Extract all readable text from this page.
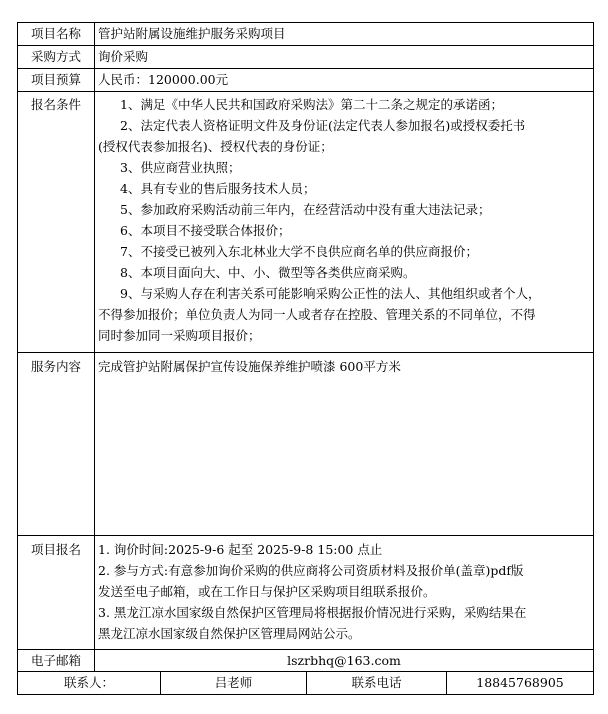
项目名称	管护站附属设施维护服务采购项目
采购方式	询价采购
项目预算	人民币：120000.00元
报名条件	1、满足《中华人民共和国政府采购法》第二十二条之规定的承诺函；

2、法定代表人资格证明文件及身份证(法定代表人参加报名)或授权委托书

(授权代表参加报名)、授权代表的身份证；

3、供应商营业执照；

4、具有专业的售后服务技术人员；

5、参加政府采购活动前三年内，在经营活动中没有重大违法记录；

6、本项目不接受联合体报价；

7、不接受已被列入东北林业大学不良供应商名单的供应商报价；

8、本项目面向大、中、小、微型等各类供应商采购。

9、与采购人存在利害关系可能影响采购公正性的法人、其他组织或者个人，

不得参加报价；单位负责人为同一人或者存在控股、管理关系的不同单位，不得

同时参加同一采购项目报价；

服务内容	完成管护站附属保护宣传设施保养维护喷漆 600平方米
项目报名	1. 询价时间:2025-9-6 起至 2025-9-8 15:00 点止

2. 参与方式:有意参加询价采购的供应商将公司资质材料及报价单(盖章)pdf版

发送至电子邮箱，或在工作日与保护区采购项目组联系报价。

3. 黑龙江凉水国家级自然保护区管理局将根据报价情况进行采购，采购结果在

黑龙江凉水国家级自然保护区管理局网站公示。

电子邮箱	lszrbhq@163.com
联系人：	吕老师	联系电话	18845768905
